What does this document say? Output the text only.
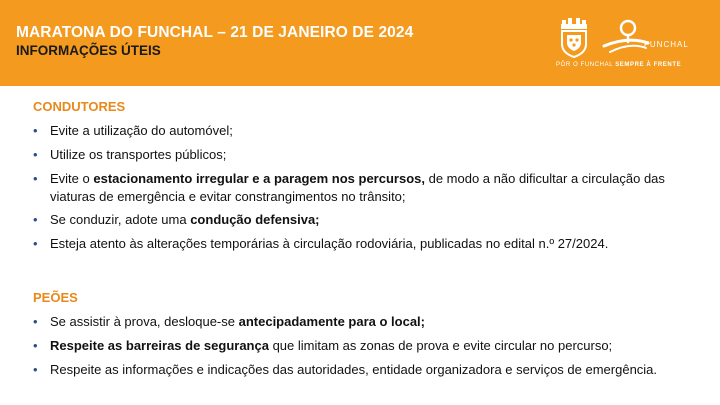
MARATONA DO FUNCHAL – 21 DE JANEIRO DE 2024
INFORMAÇÕES ÚTEIS	FUNCHAL
PÔR O FUNCHAL SEMPRE À FRENTE
CONDUTORES
• Evite a utilização do automóvel;
• Utilize os transportes públicos;
• Evite o estacionamento irregular e a paragem nos percursos, de modo a não dificultar a circulação das viaturas de emergência e evitar constrangimentos no trânsito;
• Se conduzir, adote uma condução defensiva;
• Esteja atento às alterações temporárias à circulação rodoviária, publicadas no edital n.º 27/2024.
PEÕES
• Se assistir à prova, desloque-se antecipadamente para o local;
• Respeite as barreiras de segurança que limitam as zonas de prova e evite circular no percurso;
• Respeite as informações e indicações das autoridades, entidade organizadora e serviços de emergência.
